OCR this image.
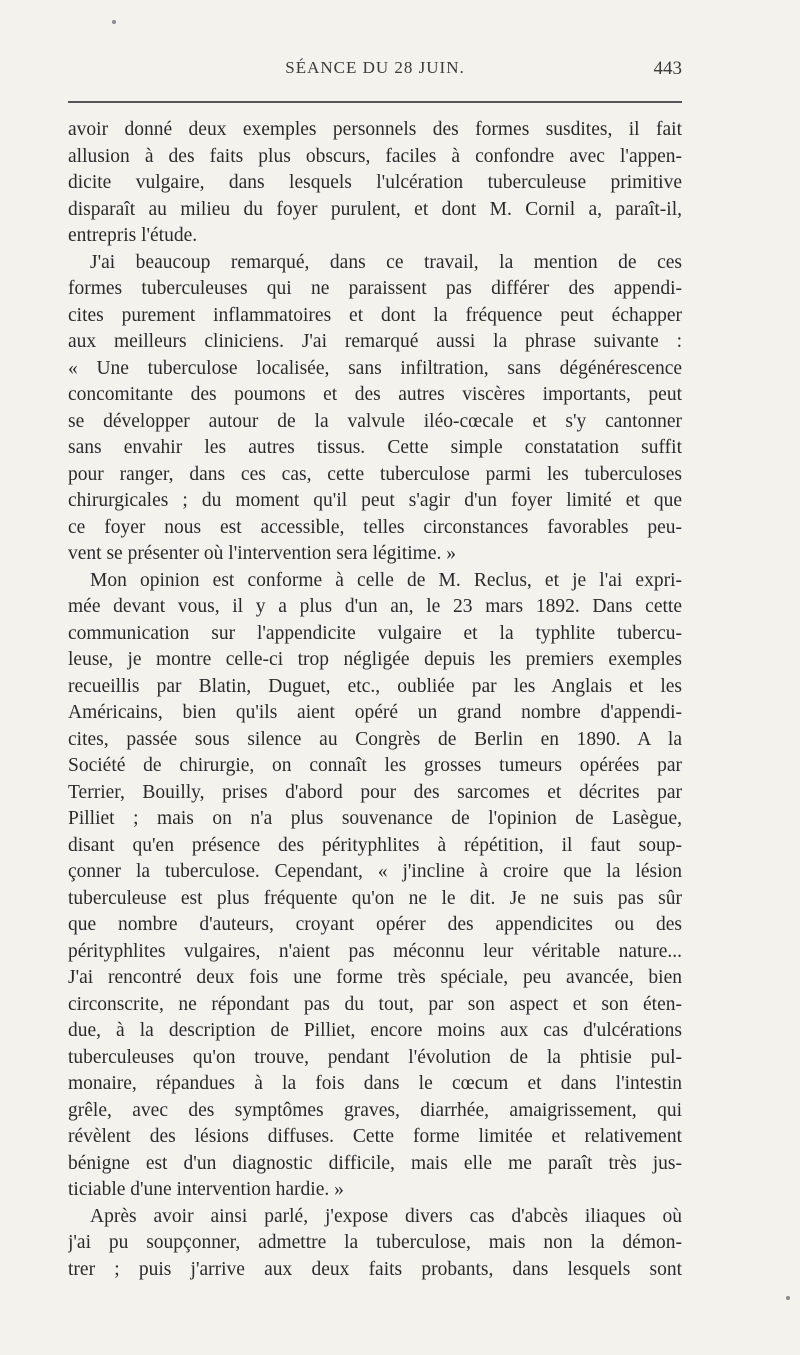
SÉANCE DU 28 JUIN.	443
avoir donné deux exemples personnels des formes susdites, il fait
allusion à des faits plus obscurs, faciles à confondre avec l'appen-
dicite vulgaire, dans lesquels l'ulcération tuberculeuse primitive
disparaît au milieu du foyer purulent, et dont M. Cornil a, paraît-il,
entrepris l'étude.
J'ai beaucoup remarqué, dans ce travail, la mention de ces
formes tuberculeuses qui ne paraissent pas différer des appendi-
cites purement inflammatoires et dont la fréquence peut échapper
aux meilleurs cliniciens. J'ai remarqué aussi la phrase suivante :
« Une tuberculose localisée, sans infiltration, sans dégénérescence
concomitante des poumons et des autres viscères importants, peut
se développer autour de la valvule iléo-cœcale et s'y cantonner
sans envahir les autres tissus. Cette simple constatation suffit
pour ranger, dans ces cas, cette tuberculose parmi les tuberculoses
chirurgicales ; du moment qu'il peut s'agir d'un foyer limité et que
ce foyer nous est accessible, telles circonstances favorables peu-
vent se présenter où l'intervention sera légitime. »
Mon opinion est conforme à celle de M. Reclus, et je l'ai expri-
mée devant vous, il y a plus d'un an, le 23 mars 1892. Dans cette
communication sur l'appendicite vulgaire et la typhlite tubercu-
leuse, je montre celle-ci trop négligée depuis les premiers exemples
recueillis par Blatin, Duguet, etc., oubliée par les Anglais et les
Américains, bien qu'ils aient opéré un grand nombre d'appendi-
cites, passée sous silence au Congrès de Berlin en 1890. A la
Société de chirurgie, on connaît les grosses tumeurs opérées par
Terrier, Bouilly, prises d'abord pour des sarcomes et décrites par
Pilliet ; mais on n'a plus souvenance de l'opinion de Lasègue,
disant qu'en présence des pérityphlites à répétition, il faut soup-
çonner la tuberculose. Cependant, « j'incline à croire que la lésion
tuberculeuse est plus fréquente qu'on ne le dit. Je ne suis pas sûr
que nombre d'auteurs, croyant opérer des appendicites ou des
pérityphlites vulgaires, n'aient pas méconnu leur véritable nature...
J'ai rencontré deux fois une forme très spéciale, peu avancée, bien
circonscrite, ne répondant pas du tout, par son aspect et son éten-
due, à la description de Pilliet, encore moins aux cas d'ulcérations
tuberculeuses qu'on trouve, pendant l'évolution de la phtisie pul-
monaire, répandues à la fois dans le cœcum et dans l'intestin
grêle, avec des symptômes graves, diarrhée, amaigrissement, qui
révèlent des lésions diffuses. Cette forme limitée et relativement
bénigne est d'un diagnostic difficile, mais elle me paraît très jus-
ticiable d'une intervention hardie. »
Après avoir ainsi parlé, j'expose divers cas d'abcès iliaques où
j'ai pu soupçonner, admettre la tuberculose, mais non la démon-
trer ; puis j'arrive aux deux faits probants, dans lesquels sont
